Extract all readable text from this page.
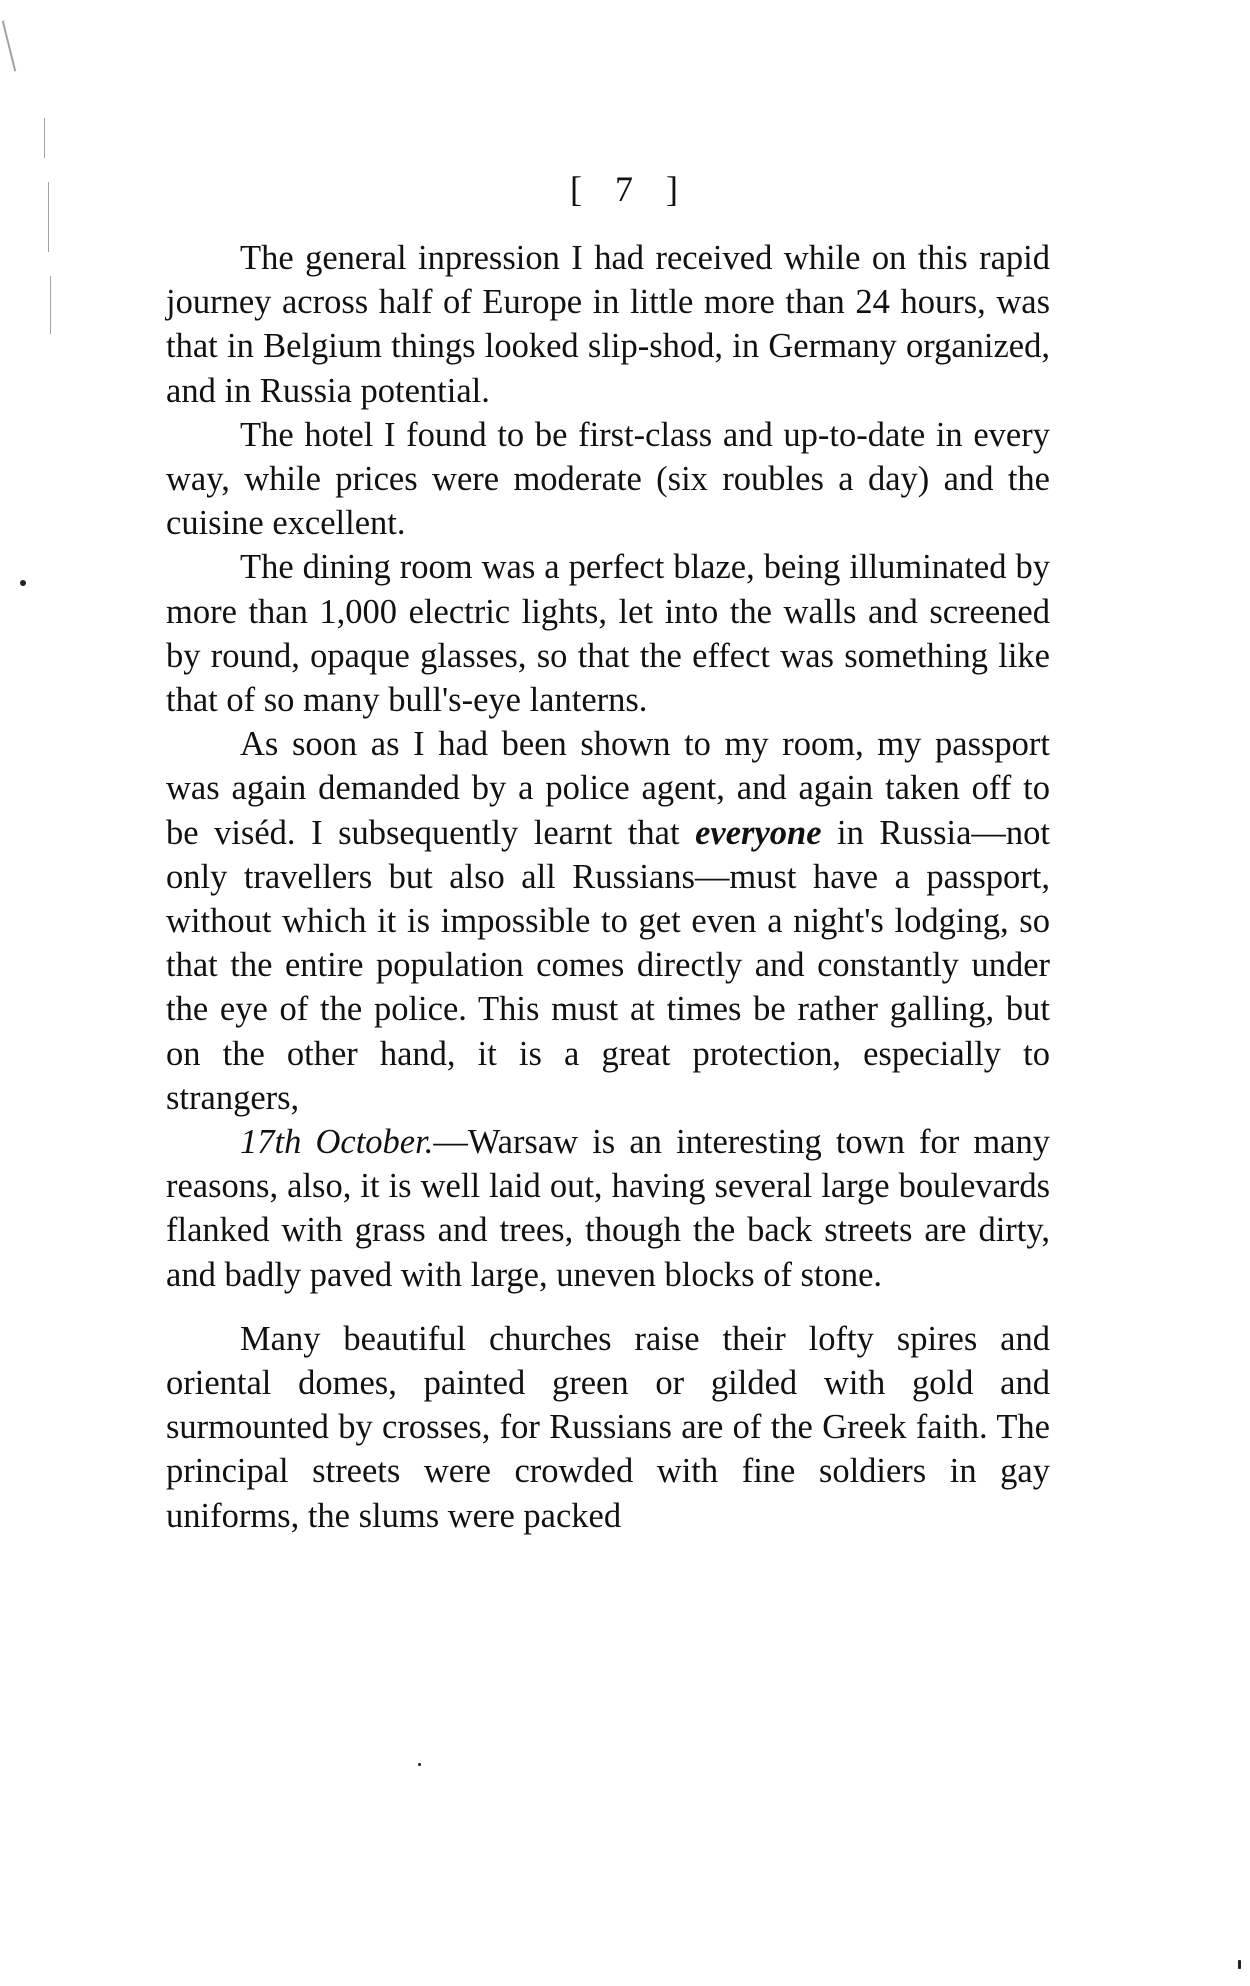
[ 7 ]

The general inpression I had received while on this rapid journey across half of Europe in little more than 24 hours, was that in Belgium things looked slip-shod, in Germany organized, and in Russia potential.

The hotel I found to be first-class and up-to-date in every way, while prices were moderate (six roubles a day) and the cuisine excellent.

The dining room was a perfect blaze, being illuminated by more than 1,000 electric lights, let into the walls and screened by round, opaque glasses, so that the effect was something like that of so many bull's-eye lanterns.

As soon as I had been shown to my room, my passport was again demanded by a police agent, and again taken off to be viséd. I subsequently learnt that everyone in Russia—not only travellers but also all Russians—must have a passport, without which it is impossible to get even a night's lodging, so that the entire population comes directly and constantly under the eye of the police. This must at times be rather galling, but on the other hand, it is a great protection, especially to strangers,

17th October.—Warsaw is an interesting town for many reasons, also, it is well laid out, having several large boulevards flanked with grass and trees, though the back streets are dirty, and badly paved with large, uneven blocks of stone.

Many beautiful churches raise their lofty spires and oriental domes, painted green or gilded with gold and surmounted by crosses, for Russians are of the Greek faith. The principal streets were crowded with fine soldiers in gay uniforms, the slums were packed
